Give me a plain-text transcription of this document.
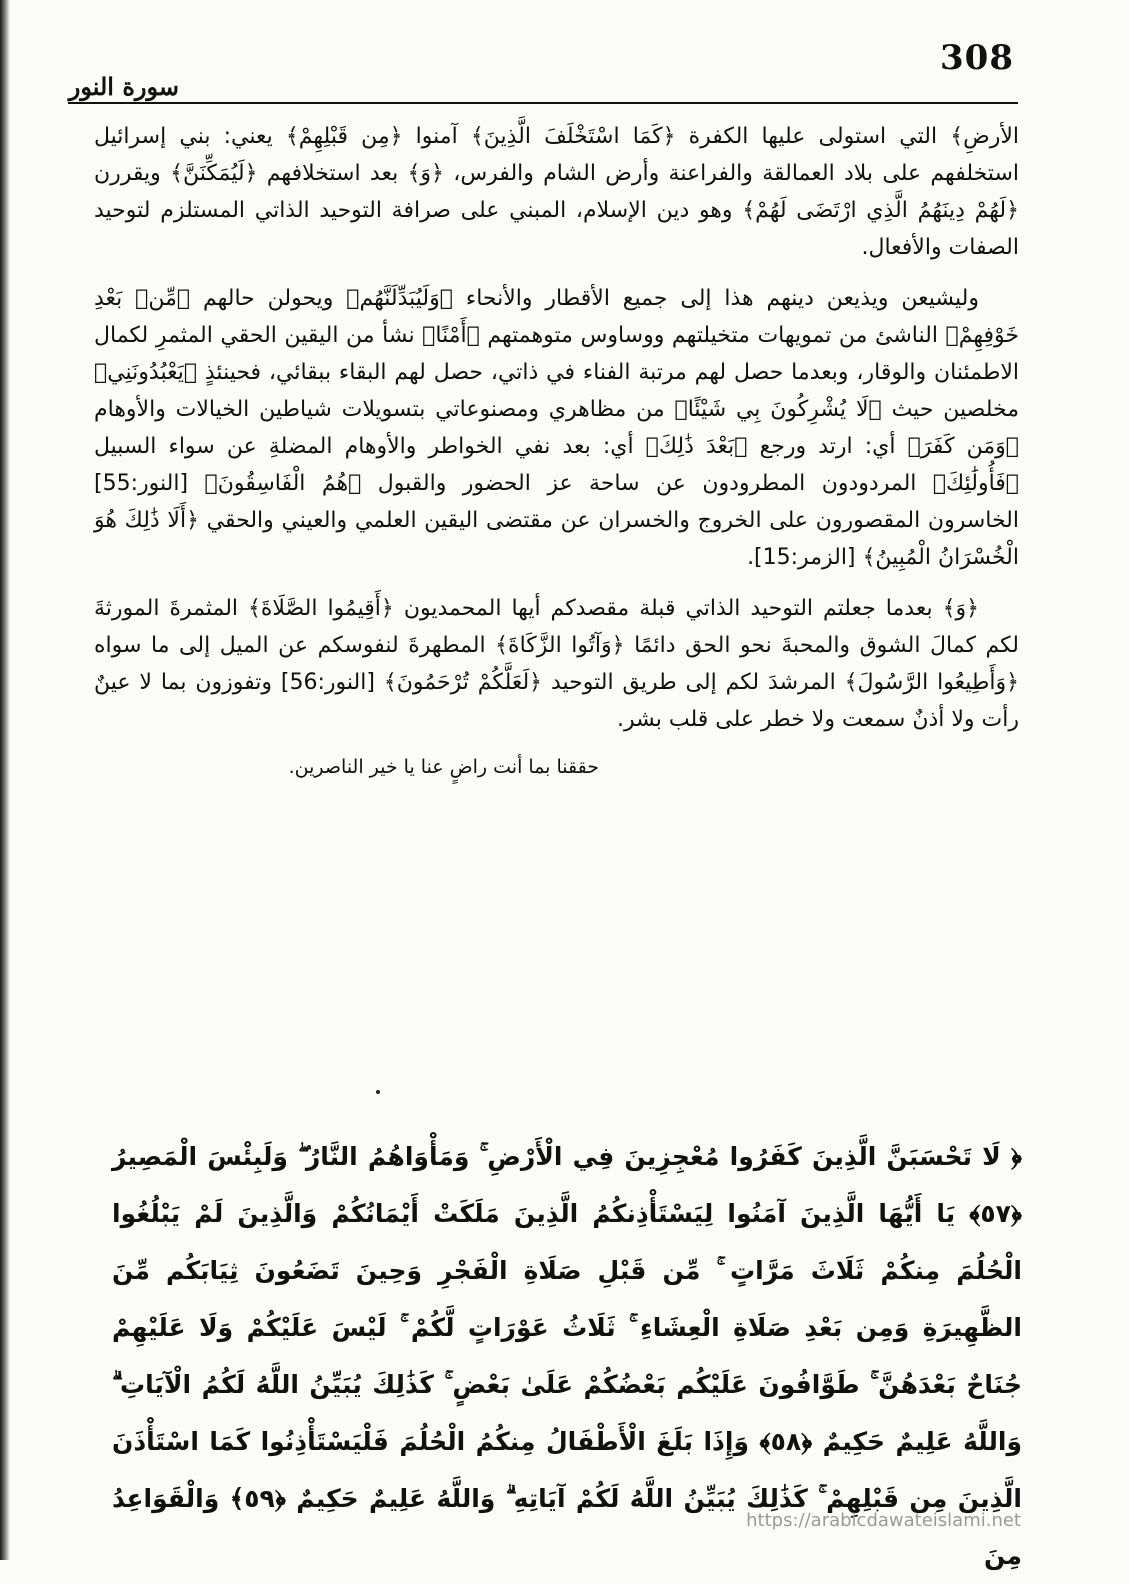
308
سورة النور

الأرضِ﴾ التي استولى عليها الكفرة ﴿كَمَا اسْتَخْلَفَ الَّذِينَ﴾ آمنوا ﴿مِن قَبْلِهِمْ﴾ يعني: بني إسرائيل استخلفهم على بلاد العمالقة والفراعنة وأرض الشام والفرس، ﴿وَ﴾ بعد استخلافهم ﴿لَيُمَكِّنَنَّ﴾ ويقررن ﴿لَهُمْ دِينَهُمُ الَّذِي ارْتَضَى لَهُمْ﴾ وهو دين الإسلام، المبني على صرافة التوحيد الذاتي المستلزم لتوحيد الصفات والأفعال.

وليشيعن ويذيعن دينهم هذا إلى جميع الأقطار والأنحاء ﴿وَلَيُبَدِّلَنَّهُم﴾ ويحولن حالهم ﴿مِّنۢ بَعْدِ خَوْفِهِمْ﴾ الناشئ من تمويهات متخيلتهم ووساوس متوهمتهم ﴿أَمْنًا﴾ نشأ من اليقين الحقي المثمرِ لكمال الاطمئنان والوقار، وبعدما حصل لهم مرتبة الفناء في ذاتي، حصل لهم البقاء ببقائي، فحينئذٍ ﴿يَعْبُدُونَنِي﴾ مخلصين حيث ﴿لَا يُشْرِكُونَ بِي شَيْئًا﴾ من مظاهري ومصنوعاتي بتسويلات شياطين الخيالات والأوهام ﴿وَمَن كَفَرَ﴾ أي: ارتد ورجع ﴿بَعْدَ ذَٰلِكَ﴾ أي: بعد نفي الخواطر والأوهام المضلةِ عن سواء السبيل ﴿فَأُولَٰئِكَ﴾ المردودون المطرودون عن ساحة عز الحضور والقبول ﴿هُمُ الْفَاسِقُونَ﴾ [النور:55] الخاسرون المقصورون على الخروج والخسران عن مقتضى اليقين العلمي والعيني والحقي ﴿أَلَا ذَٰلِكَ هُوَ الْخُسْرَانُ الْمُبِينُ﴾ [الزمر:15].

﴿وَ﴾ بعدما جعلتم التوحيد الذاتي قبلة مقصدكم أيها المحمديون ﴿أَقِيمُوا الصَّلَاةَ﴾ المثمرةَ المورثةَ لكم كمالَ الشوق والمحبةَ نحو الحق دائمًا ﴿وَآتُوا الزَّكَاةَ﴾ المطهرةَ لنفوسكم عن الميل إلى ما سواه ﴿وَأَطِيعُوا الرَّسُولَ﴾ المرشدَ لكم إلى طريق التوحيد ﴿لَعَلَّكُمْ تُرْحَمُونَ﴾ [النور:56] وتفوزون بما لا عينٌ رأت ولا أذنٌ سمعت ولا خطر على قلب بشر.

حققنا بما أنت راضٍ عنا يا خير الناصرين.

﴿ لَا تَحْسَبَنَّ الَّذِينَ كَفَرُوا مُعْجِزِينَ فِي الْأَرْضِ ۚ وَمَأْوَاهُمُ النَّارُ ۖ وَلَبِئْسَ الْمَصِيرُ ﴿٥٧﴾ يَا أَيُّهَا الَّذِينَ آمَنُوا لِيَسْتَأْذِنكُمُ الَّذِينَ مَلَكَتْ أَيْمَانُكُمْ وَالَّذِينَ لَمْ يَبْلُغُوا الْحُلُمَ مِنكُمْ ثَلَاثَ مَرَّاتٍ ۚ مِّن قَبْلِ صَلَاةِ الْفَجْرِ وَحِينَ تَضَعُونَ ثِيَابَكُم مِّنَ الظَّهِيرَةِ وَمِن بَعْدِ صَلَاةِ الْعِشَاءِ ۚ ثَلَاثُ عَوْرَاتٍ لَّكُمْ ۚ لَيْسَ عَلَيْكُمْ وَلَا عَلَيْهِمْ جُنَاحٌ بَعْدَهُنَّ ۚ طَوَّافُونَ عَلَيْكُم بَعْضُكُمْ عَلَىٰ بَعْضٍ ۚ كَذَٰلِكَ يُبَيِّنُ اللَّهُ لَكُمُ الْآيَاتِ ۗ وَاللَّهُ عَلِيمٌ حَكِيمٌ ﴿٥٨﴾ وَإِذَا بَلَغَ الْأَطْفَالُ مِنكُمُ الْحُلُمَ فَلْيَسْتَأْذِنُوا كَمَا اسْتَأْذَنَ الَّذِينَ مِن قَبْلِهِمْ ۚ كَذَٰلِكَ يُبَيِّنُ اللَّهُ لَكُمْ آيَاتِهِ ۗ وَاللَّهُ عَلِيمٌ حَكِيمٌ ﴿٥٩﴾ وَالْقَوَاعِدُ مِنَ
https://arabicdawateislami.net
